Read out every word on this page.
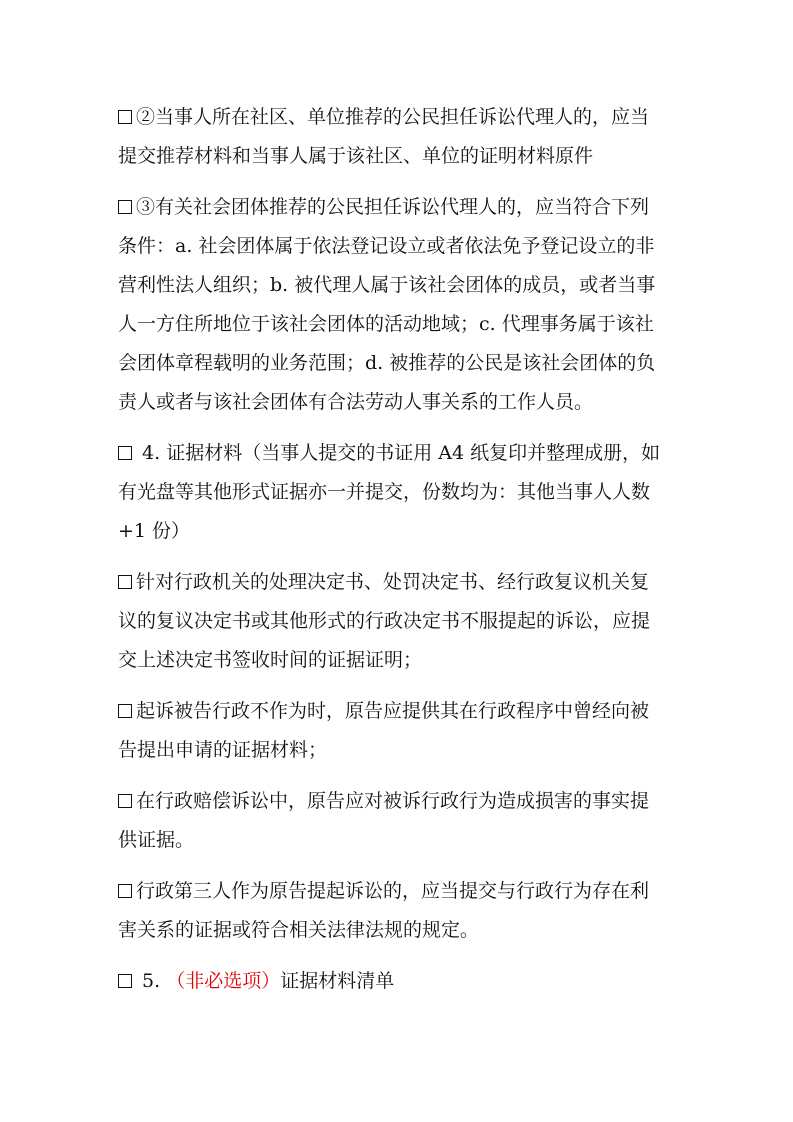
②当事人所在社区、单位推荐的公民担任诉讼代理人的，应当
提交推荐材料和当事人属于该社区、单位的证明材料原件
③有关社会团体推荐的公民担任诉讼代理人的，应当符合下列
条件：a. 社会团体属于依法登记设立或者依法免予登记设立的非
营利性法人组织；b. 被代理人属于该社会团体的成员，或者当事
人一方住所地位于该社会团体的活动地域；c. 代理事务属于该社
会团体章程载明的业务范围；d. 被推荐的公民是该社会团体的负
责人或者与该社会团体有合法劳动人事关系的工作人员。
4. 证据材料（当事人提交的书证用 A4 纸复印并整理成册，如
有光盘等其他形式证据亦一并提交，份数均为：其他当事人人数
+1 份）
针对行政机关的处理决定书、处罚决定书、经行政复议机关复
议的复议决定书或其他形式的行政决定书不服提起的诉讼，应提
交上述决定书签收时间的证据证明；
起诉被告行政不作为时，原告应提供其在行政程序中曾经向被
告提出申请的证据材料；
在行政赔偿诉讼中，原告应对被诉行政行为造成损害的事实提
供证据。
行政第三人作为原告提起诉讼的，应当提交与行政行为存在利
害关系的证据或符合相关法律法规的规定。
5. （非必选项）证据材料清单
